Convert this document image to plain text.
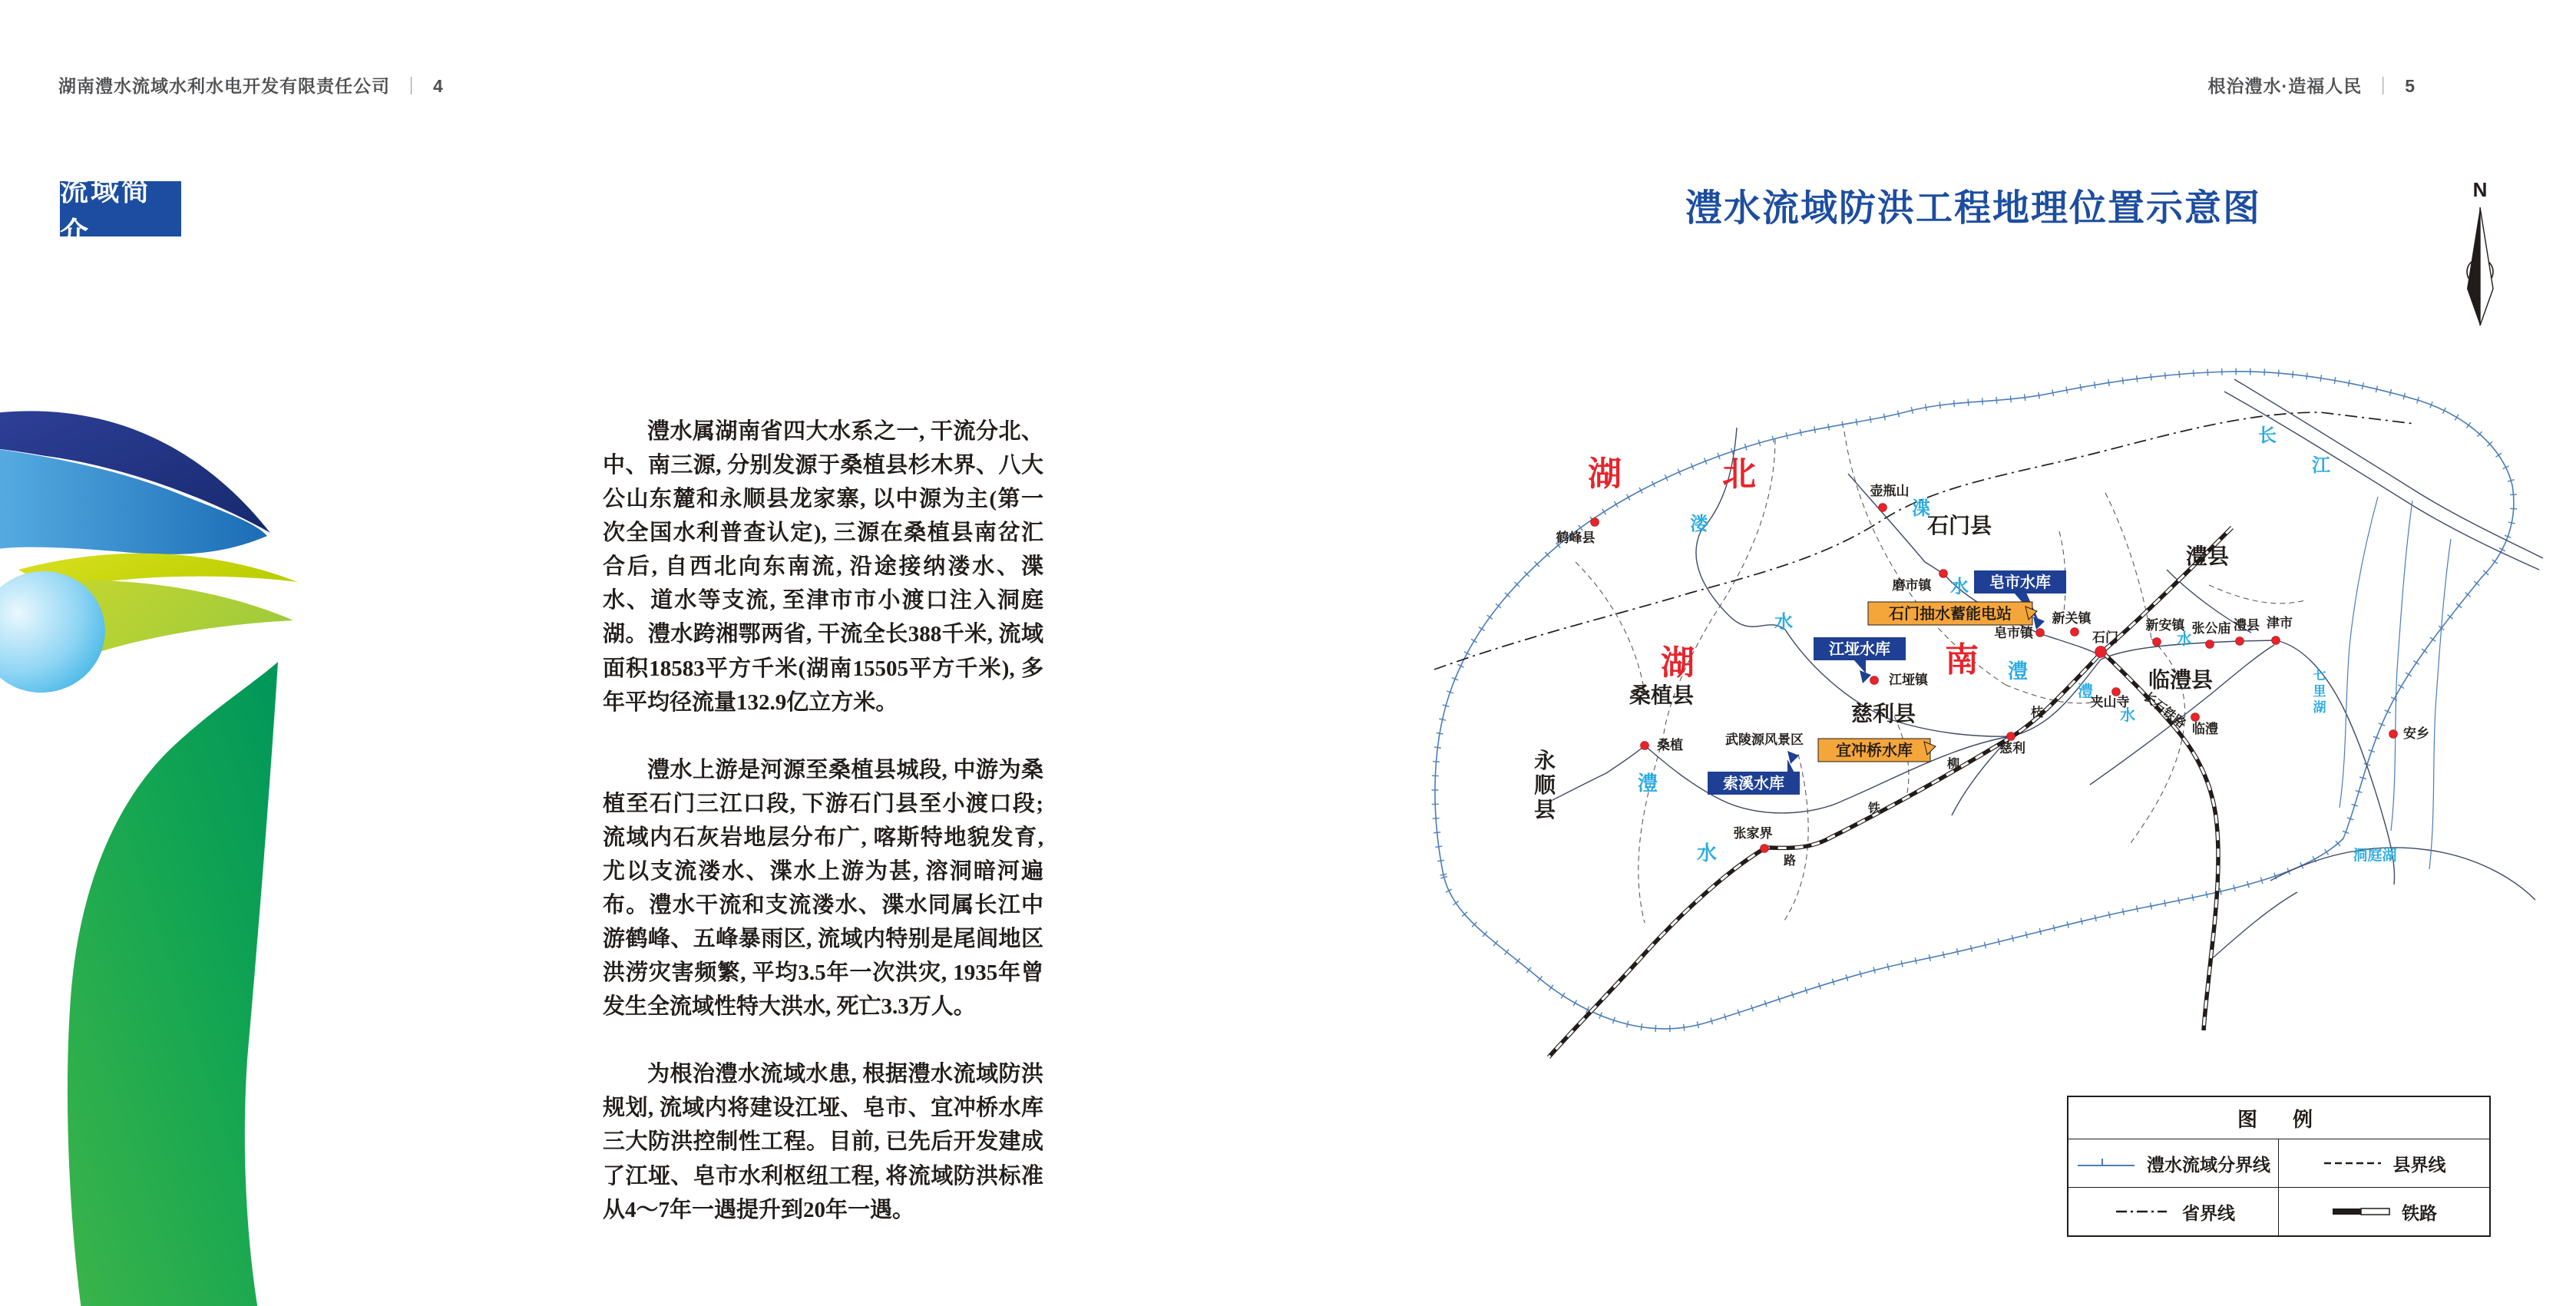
湖南澧水流域水利水电开发有限责任公司 ｜ 4	根治澧水·造福人民 ｜ 5
流域简介

澧水属湖南省四大水系之一, 干流分北、中、南三源, 分别发源于桑植县杉木界、八大公山东麓和永顺县龙家寨, 以中源为主(第一次全国水利普查认定), 三源在桑植县南岔汇合后, 自西北向东南流, 沿途接纳溇水、渫水、道水等支流, 至津市市小渡口注入洞庭湖。澧水跨湘鄂两省, 干流全长388千米, 流域面积18583平方千米(湖南15505平方千米), 多年平均径流量132.9亿立方米。

澧水上游是河源至桑植县城段, 中游为桑植至石门三江口段, 下游石门县至小渡口段;流域内石灰岩地层分布广, 喀斯特地貌发育, 尤以支流溇水、渫水上游为甚, 溶洞暗河遍布。澧水干流和支流溇水、渫水同属长江中游鹤峰、五峰暴雨区, 流域内特别是尾闾地区洪涝灾害频繁, 平均3.5年一次洪灾, 1935年曾发生全流域性特大洪水, 死亡3.3万人。

为根治澧水流域水患, 根据澧水流域防洪规划, 流域内将建设江垭、皂市、宜冲桥水库三大防洪控制性工程。目前, 已先后开发建成了江垭、皂市水利枢纽工程, 将流域防洪标准从4～7年一遇提升到20年一遇。

澧水流域防洪工程地理位置示意图	N
湖	北
湖	南
石门县
澧县
临澧县
慈利县
桑植县
永顺县
武陵源风景区
溇
水
渫
水
澧
水
澧
澧
水
水
长
江
七里湖
洞庭湖
枝
柳
铁
路
长石铁路
鹤峰县
壶瓶山
磨市镇
皂市镇
新关镇
石门
新安镇 张公庙 澧县 津市
临澧
夹山寺
安乡
慈利
张家界
桑植
江垭镇
皂市水库
江垭水库
索溪水库
石门抽水蓄能电站
宜冲桥水库
图　例
澧水流域分界线	县界线
省界线	铁路
